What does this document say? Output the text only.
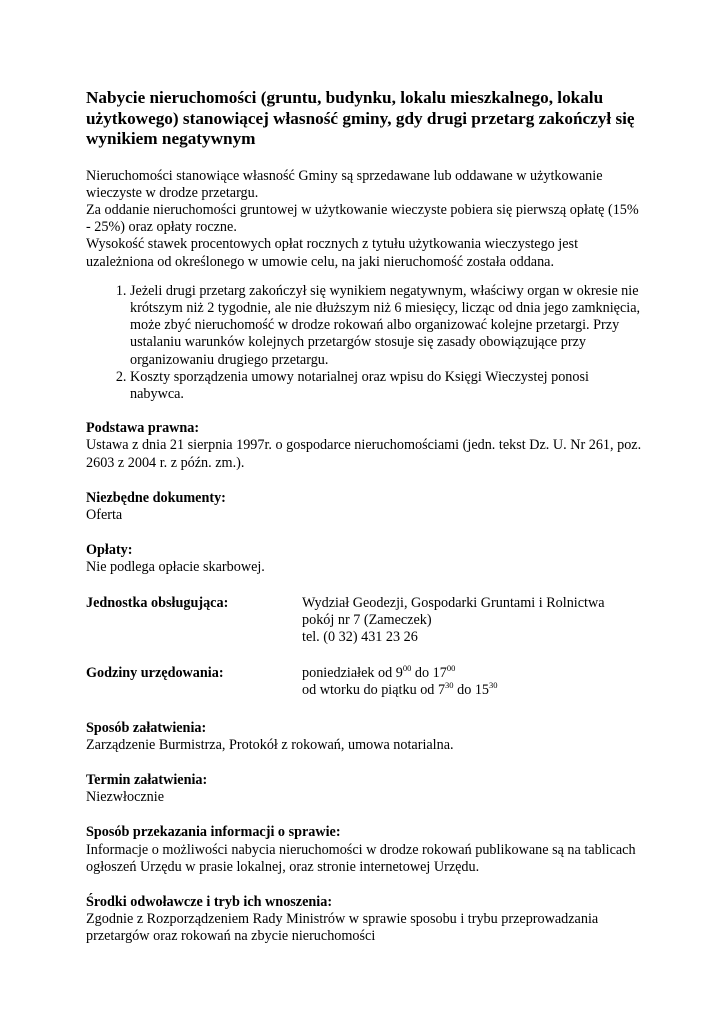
Nabycie nieruchomości (gruntu, budynku, lokalu mieszkalnego, lokalu użytkowego) stanowiącej własność gminy, gdy drugi przetarg zakończył się wynikiem negatywnym

Nieruchomości stanowiące własność Gminy są sprzedawane lub oddawane w użytkowanie wieczyste w drodze przetargu.

Za oddanie nieruchomości gruntowej w użytkowanie wieczyste pobiera się pierwszą opłatę (15% - 25%) oraz opłaty roczne.

Wysokość stawek procentowych opłat rocznych z tytułu użytkowania wieczystego jest uzależniona od określonego w umowie celu, na jaki nieruchomość została oddana.

1. Jeżeli drugi przetarg zakończył się wynikiem negatywnym, właściwy organ w okresie nie krótszym niż 2 tygodnie, ale nie dłuższym niż 6 miesięcy, licząc od dnia jego zamknięcia, może zbyć nieruchomość w drodze rokowań albo organizować kolejne przetargi. Przy ustalaniu warunków kolejnych przetargów stosuje się zasady obowiązujące przy organizowaniu drugiego przetargu.
2. Koszty sporządzenia umowy notarialnej oraz wpisu do Księgi Wieczystej ponosi nabywca.
Podstawa prawna:
Ustawa z dnia 21 sierpnia 1997r. o gospodarce nieruchomościami (jedn. tekst Dz. U. Nr 261, poz. 2603 z 2004 r. z późn. zm.).
Niezbędne dokumenty:
Oferta
Opłaty:
Nie podlega opłacie skarbowej.
Jednostka obsługująca:	Wydział Geodezji, Gospodarki Gruntami i Rolnictwa
pokój nr 7 (Zameczek)
tel. (0 32) 431 23 26
Godziny urzędowania:	poniedziałek od $9^{00}$ do $17^{00}$
od wtorku do piątku od $7^{30}$ do $15^{30}$
Sposób załatwienia:
Zarządzenie Burmistrza, Protokół z rokowań, umowa notarialna.
Termin załatwienia:
Niezwłocznie
Sposób przekazania informacji o sprawie:
Informacje o możliwości nabycia nieruchomości w drodze rokowań publikowane są na tablicach ogłoszeń Urzędu w prasie lokalnej, oraz stronie internetowej Urzędu.
Środki odwoławcze i tryb ich wnoszenia:
Zgodnie z Rozporządzeniem Rady Ministrów w sprawie sposobu i trybu przeprowadzania przetargów oraz rokowań na zbycie nieruchomości
